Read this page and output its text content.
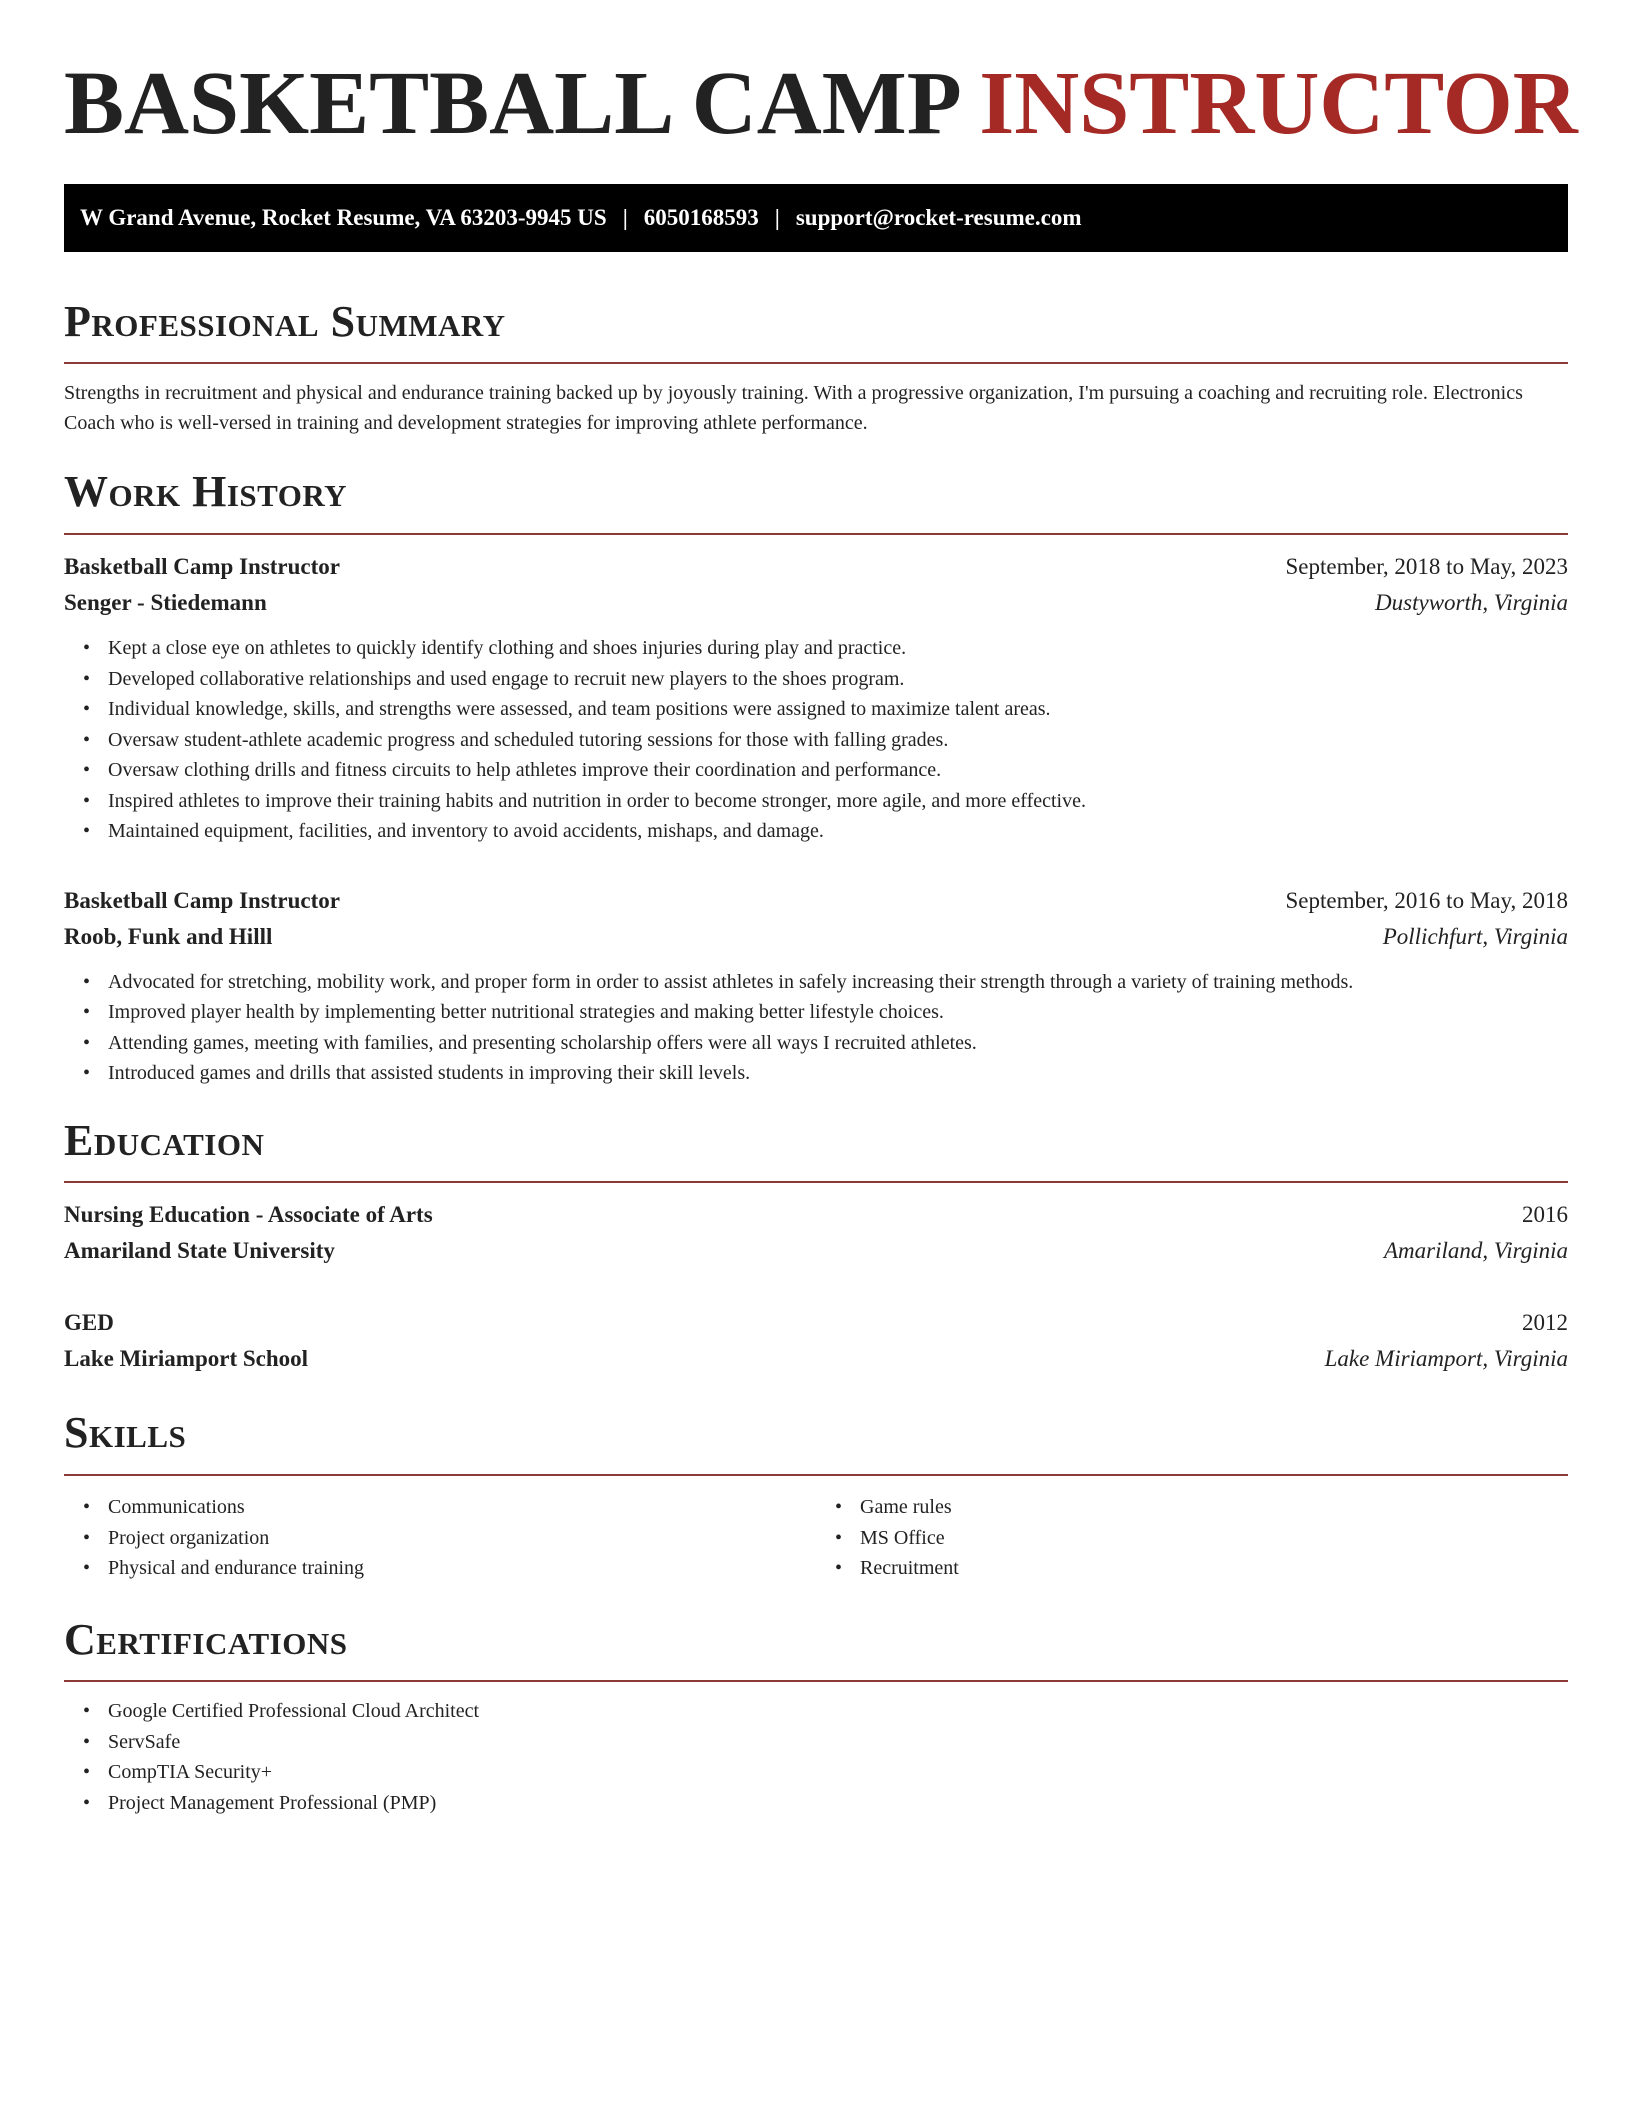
BASKETBALL CAMP INSTRUCTOR
W Grand Avenue, Rocket Resume, VA 63203-9945 US | 6050168593 | support@rocket-resume.com
Professional Summary

Strengths in recruitment and physical and endurance training backed up by joyously training. With a progressive organization, I'm pursuing a coaching and recruiting role. Electronics Coach who is well-versed in training and development strategies for improving athlete performance.

Work History
Basketball Camp Instructor	September, 2018 to May, 2023
Senger - Stiedemann	Dustyworth, Virginia
• Kept a close eye on athletes to quickly identify clothing and shoes injuries during play and practice.
• Developed collaborative relationships and used engage to recruit new players to the shoes program.
• Individual knowledge, skills, and strengths were assessed, and team positions were assigned to maximize talent areas.
• Oversaw student-athlete academic progress and scheduled tutoring sessions for those with falling grades.
• Oversaw clothing drills and fitness circuits to help athletes improve their coordination and performance.
• Inspired athletes to improve their training habits and nutrition in order to become stronger, more agile, and more effective.
• Maintained equipment, facilities, and inventory to avoid accidents, mishaps, and damage.
Basketball Camp Instructor	September, 2016 to May, 2018
Roob, Funk and Hilll	Pollichfurt, Virginia
• Advocated for stretching, mobility work, and proper form in order to assist athletes in safely increasing their strength through a variety of training methods.
• Improved player health by implementing better nutritional strategies and making better lifestyle choices.
• Attending games, meeting with families, and presenting scholarship offers were all ways I recruited athletes.
• Introduced games and drills that assisted students in improving their skill levels.
Education
Nursing Education - Associate of Arts	2016
Amariland State University	Amariland, Virginia
GED	2012
Lake Miriamport School	Lake Miriamport, Virginia
Skills
• Communications
• Project organization
• Physical and endurance training
• Game rules
• MS Office
• Recruitment
Certifications
• Google Certified Professional Cloud Architect
• ServSafe
• CompTIA Security+
• Project Management Professional (PMP)
